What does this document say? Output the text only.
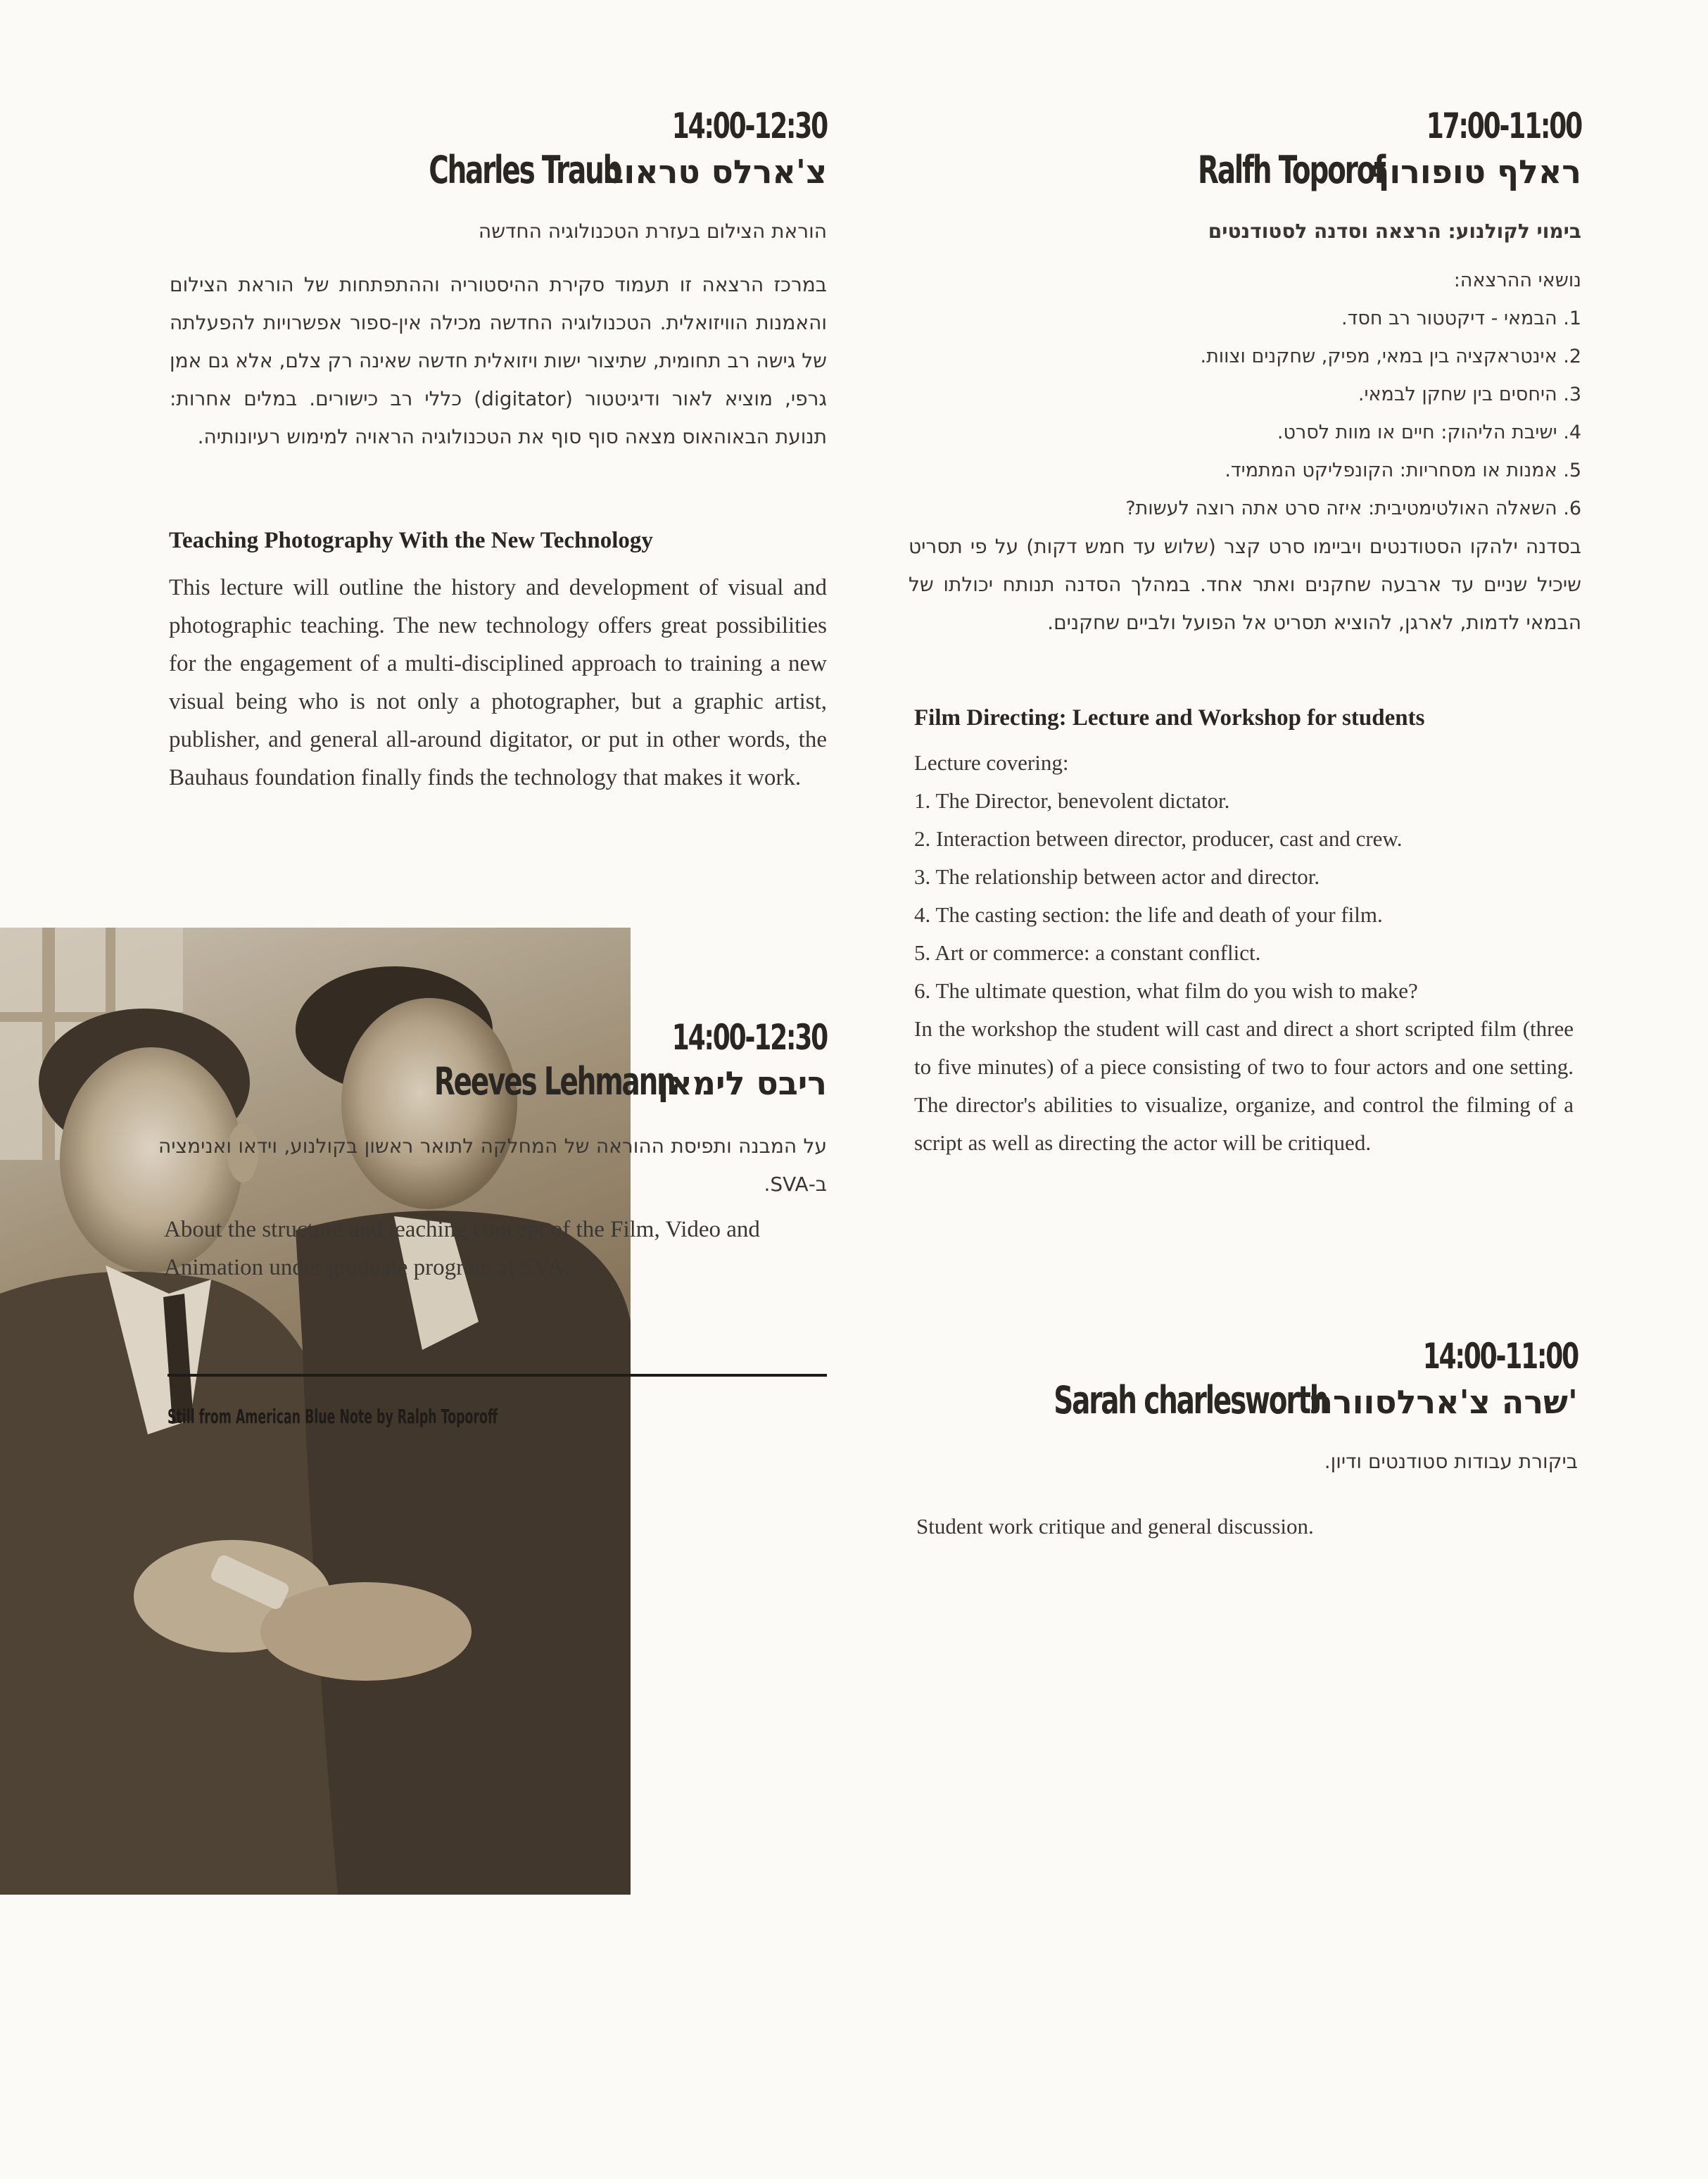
17:00-11:00
Ralfh Toporof
ראלף טופורוף
בימוי לקולנוע: הרצאה וסדנה לסטודנטים
נושאי ההרצאה:
1. הבמאי - דיקטטור רב חסד.
2. אינטראקציה בין במאי, מפיק, שחקנים וצוות.
3. היחסים בין שחקן לבמאי.
4. ישיבת הליהוק: חיים או מוות לסרט.
5. אמנות או מסחריות: הקונפליקט המתמיד.
6. השאלה האולטימטיבית: איזה סרט אתה רוצה לעשות?
בסדנה ילהקו הסטודנטים ויביימו סרט קצר (שלוש עד חמש דקות) על פי תסריט שיכיל שניים עד ארבעה שחקנים ואתר אחד. במהלך הסדנה תנותח יכולתו של הבמאי לדמות, לארגן, להוציא תסריט אל הפועל ולביים שחקנים.
Film Directing: Lecture and Workshop for students
Lecture covering:
1. The Director, benevolent dictator.
2. Interaction between director, producer, cast and crew.
3. The relationship between actor and director.
4. The casting section: the life and death of your film.
5. Art or commerce: a constant conflict.
6. The ultimate question, what film do you wish to make?
In the workshop the student will cast and direct a short scripted film (three to five minutes) of a piece consisting of two to four actors and one setting. The director's abilities to visualize, organize, and control the filming of a script as well as directing the actor will be critiqued.
14:00-11:00
Sarah charlesworth
שרה צ'ארלסוורת'
ביקורת עבודות סטודנטים ודיון.
Student work critique and general discussion.
14:00-12:30
Charles Traub
צ'ארלס טראוב
הוראת הצילום בעזרת הטכנולוגיה החדשה
במרכז הרצאה זו תעמוד סקירת ההיסטוריה וההתפתחות של הוראת הצילום והאמנות הוויזואלית. הטכנולוגיה החדשה מכילה אין-ספור אפשרויות להפעלתה של גישה רב תחומית, שתיצור ישות ויזואלית חדשה שאינה רק צלם, אלא גם אמן גרפי, מוציא לאור ודיגיטטור (digitator) כללי רב כישורים. במלים אחרות: תנועת הבאוהאוס מצאה סוף סוף את הטכנולוגיה הראויה למימוש רעיונותיה.
Teaching Photography With the New Technology
This lecture will outline the history and development of visual and photographic teaching. The new technology offers great possibilities for the engagement of a multi-disciplined approach to training a new visual being who is not only a photographer, but a graphic artist, publisher, and general all-around digitator, or put in other words, the Bauhaus foundation finally finds the technology that makes it work.
14:00-12:30
Reeves Lehmann
ריבס לימאן
על המבנה ותפיסת ההוראה של המחלקה לתואר ראשון בקולנוע, וידאו ואנימציה ב-SVA.
About the structure and teaching concept of the Film, Video and Animation under graduate program at SVA.
Still from American Blue Note by Ralph Toporoff
